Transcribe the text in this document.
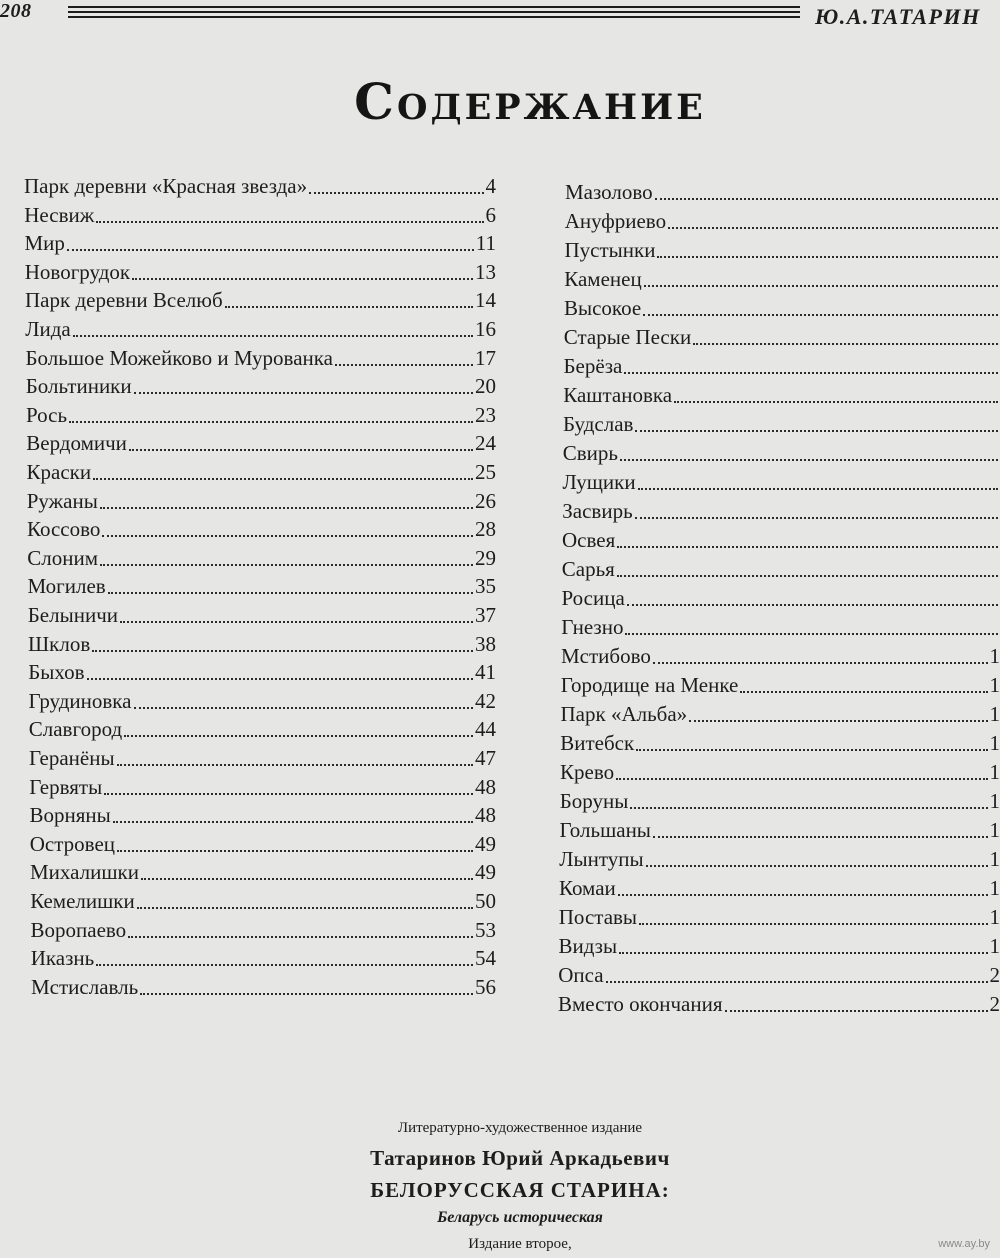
208	Ю.А.ТАТАРИН
Содержание
Парк деревни «Красная звезда»	4
Несвиж	6
Мир	11
Новогрудок	13
Парк деревни Вселюб	14
Лида	16
Большое Можейково и Мурованка	17
Больтиники	20
Рось	23
Вердомичи	24
Краски	25
Ружаны	26
Коссово	28
Слоним	29
Могилев	35
Белыничи	37
Шклов	38
Быхов	41
Грудиновка	42
Славгород	44
Геранёны	47
Гервяты	48
Ворняны	48
Островец	49
Михалишки	49
Кемелишки	50
Воропаево	53
Иказнь	54
Мстиславль	56
Мазолово
Ануфриево
Пустынки
Каменец
Высокое
Старые Пески
Берёза
Каштановка
Будслав
Свирь
Лущики
Засвирь
Освея
Сарья
Росица
Гнезно
Мстибово	1
Городище на Менке	1
Парк «Альба»	1
Витебск	1
Крево	1
Боруны	1
Гольшаны	1
Лынтупы	1
Комаи	1
Поставы	1
Видзы	1
Опса	2
Вместо окончания	2
Литературно-художественное издание
Татаринов Юрий Аркадьевич
БЕЛОРУССКАЯ СТАРИНА:
Беларусь историческая
Издание второе,	www.ay.by
